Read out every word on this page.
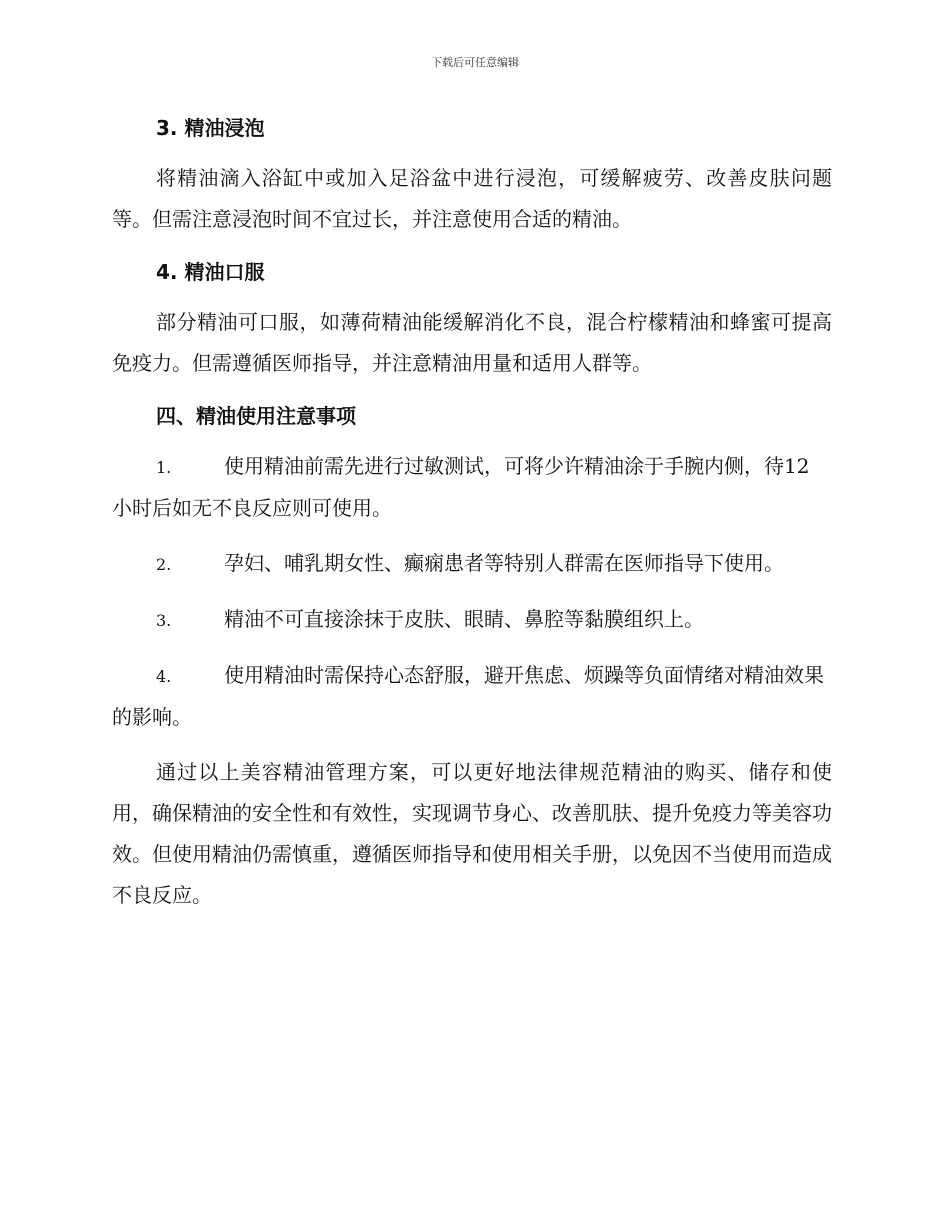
下载后可任意编辑
3. 精油浸泡

将精油滴入浴缸中或加入足浴盆中进行浸泡，可缓解疲劳、改善皮肤问题等。但需注意浸泡时间不宜过长，并注意使用合适的精油。

4. 精油口服

部分精油可口服，如薄荷精油能缓解消化不良，混合柠檬精油和蜂蜜可提高免疫力。但需遵循医师指导，并注意精油用量和适用人群等。

四、精油使用注意事项

1.	使用精油前需先进行过敏测试，可将少许精油涂于手腕内侧，待12 小时后如无不良反应则可使用。

2.	孕妇、哺乳期女性、癫痫患者等特别人群需在医师指导下使用。

3.	精油不可直接涂抹于皮肤、眼睛、鼻腔等黏膜组织上。

4.	使用精油时需保持心态舒服，避开焦虑、烦躁等负面情绪对精油效果的影响。

通过以上美容精油管理方案，可以更好地法律规范精油的购买、储存和使用，确保精油的安全性和有效性，实现调节身心、改善肌肤、提升免疫力等美容功效。但使用精油仍需慎重，遵循医师指导和使用相关手册，以免因不当使用而造成不良反应。
